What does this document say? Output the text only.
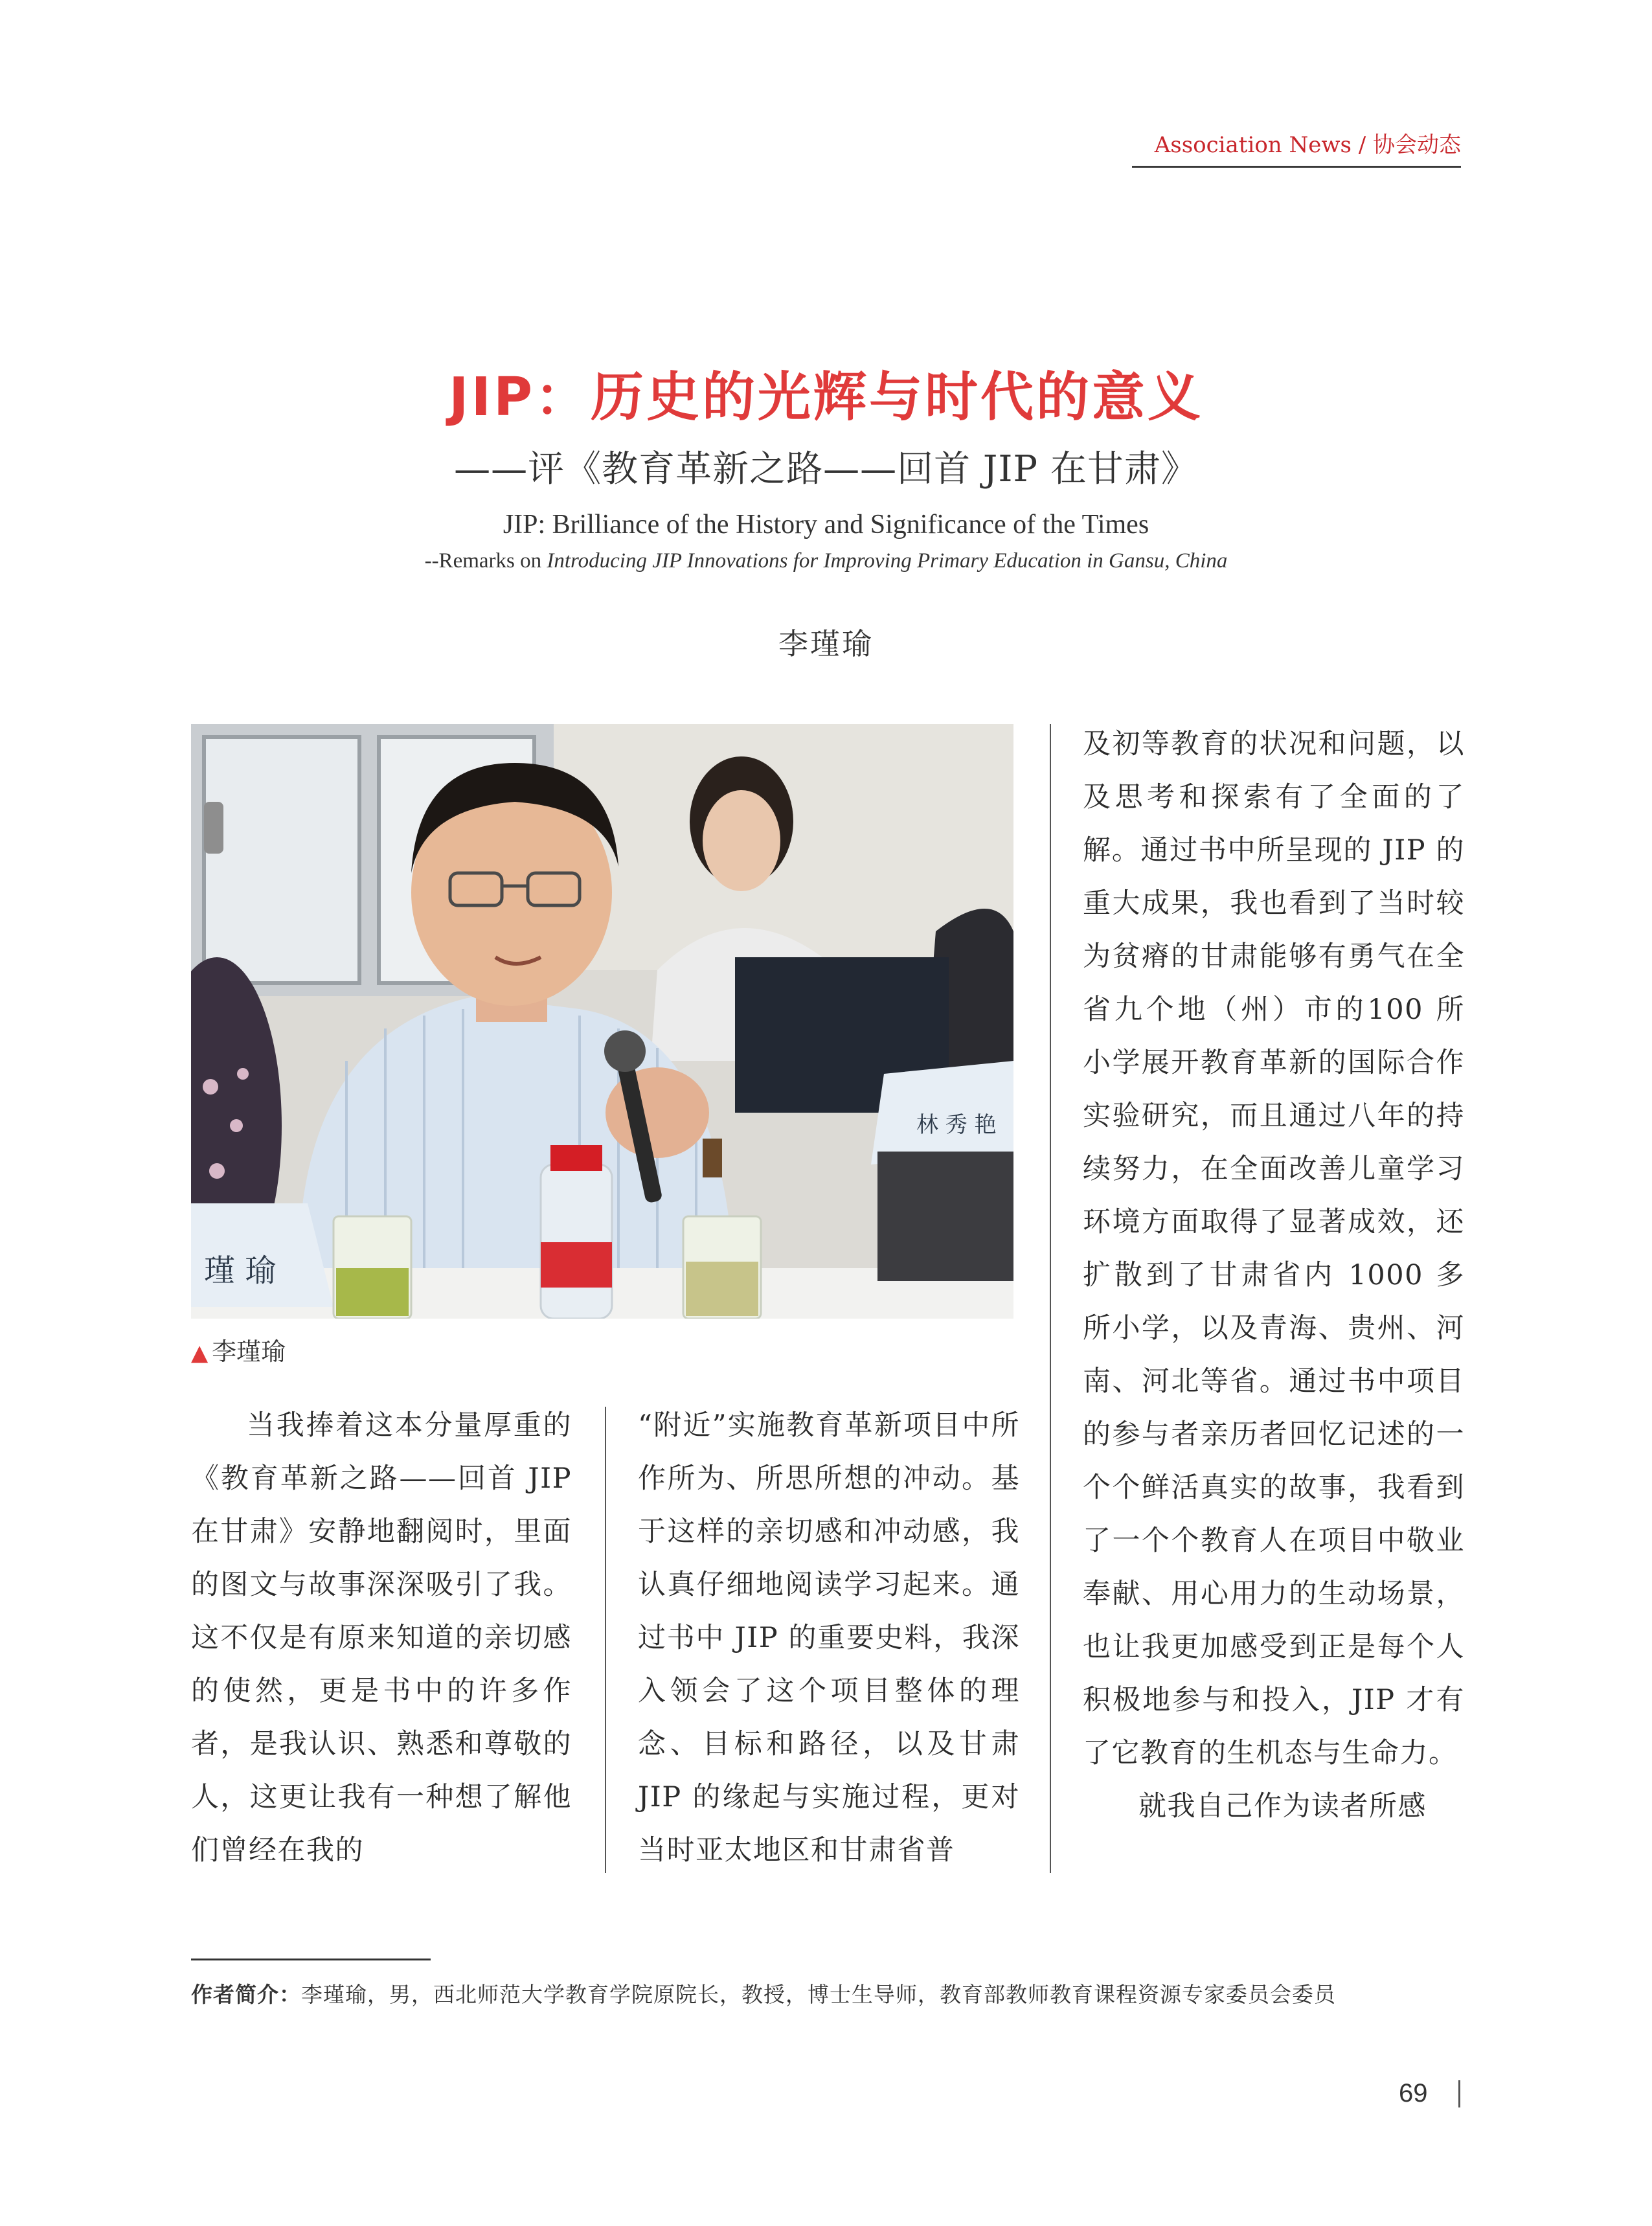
Association News / 协会动态
JIP：历史的光辉与时代的意义
——评《教育革新之路——回首 JIP 在甘肃》
JIP: Brilliance of the History and Significance of the Times
--Remarks on Introducing JIP Innovations for Improving Primary Education in Gansu, China
李瑾瑜
瑾 瑜
林 秀 艳
▲ 李瑾瑜

当我捧着这本分量厚重的《教育革新之路——回首 JIP 在甘肃》安静地翻阅时，里面的图文与故事深深吸引了我。这不仅是有原来知道的亲切感的使然，更是书中的许多作者，是我认识、熟悉和尊敬的人，这更让我有一种想了解他们曾经在我的

“附近”实施教育革新项目中所作所为、所思所想的冲动。基于这样的亲切感和冲动感，我认真仔细地阅读学习起来。通过书中 JIP 的重要史料，我深入领会了这个项目整体的理念、目标和路径，以及甘肃 JIP 的缘起与实施过程，更对当时亚太地区和甘肃省普

及初等教育的状况和问题，以及思考和探索有了全面的了解。通过书中所呈现的 JIP 的重大成果，我也看到了当时较为贫瘠的甘肃能够有勇气在全省九个地（州）市的100 所小学展开教育革新的国际合作实验研究，而且通过八年的持续努力，在全面改善儿童学习环境方面取得了显著成效，还扩散到了甘肃省内 1000 多所小学，以及青海、贵州、河南、河北等省。通过书中项目的参与者亲历者回忆记述的一个个鲜活真实的故事，我看到了一个个教育人在项目中敬业奉献、用心用力的生动场景，也让我更加感受到正是每个人积极地参与和投入，JIP 才有了它教育的生机态与生命力。

就我自己作为读者所感

作者简介：李瑾瑜，男，西北师范大学教育学院原院长，教授，博士生导师，教育部教师教育课程资源专家委员会委员
69
